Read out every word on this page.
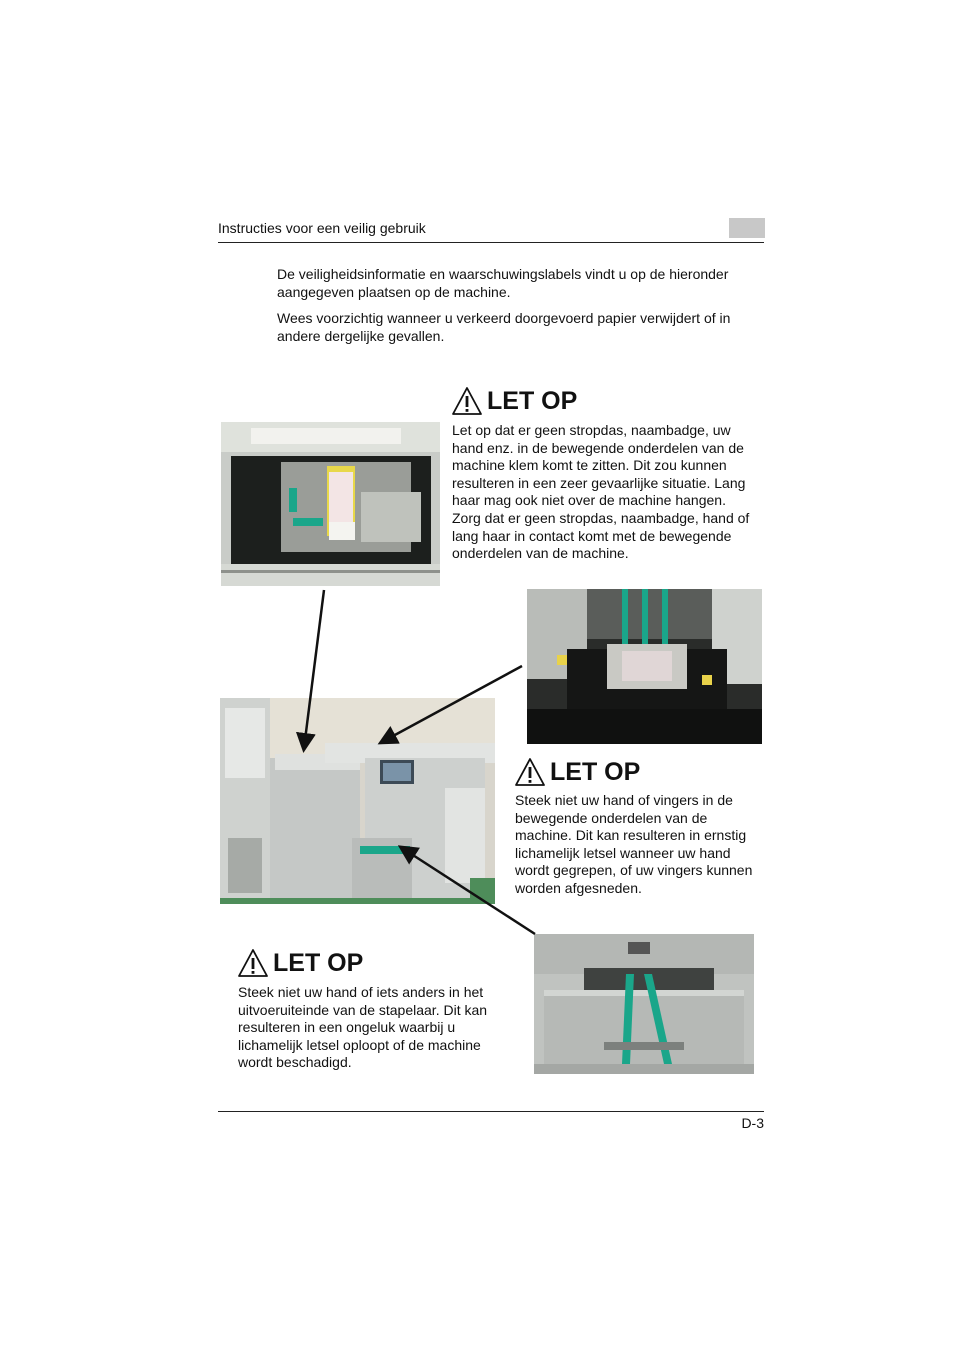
Instructies voor een veilig gebruik
De veiligheidsinformatie en waarschuwingslabels vindt u op de hieronder aangegeven plaatsen op de machine.
Wees voorzichtig wanneer u verkeerd doorgevoerd papier verwijdert of in andere dergelijke gevallen.
LET OP
Let op dat er geen stropdas, naambadge, uw hand enz. in de bewegende onderdelen van de machine klem komt te zitten. Dit zou kunnen resulteren in een zeer gevaarlijke situatie. Lang haar mag ook niet over de machine hangen. Zorg dat er geen stropdas, naambadge, hand of lang haar in contact komt met de bewegende onderdelen van de machine.
LET OP
Steek niet uw hand of vingers in de bewegende onderdelen van de machine. Dit kan resulteren in ernstig lichamelijk letsel wanneer uw hand wordt gegrepen, of uw vingers kunnen worden afgesneden.
LET OP
Steek niet uw hand of iets anders in het uitvoeruiteinde van de stapelaar. Dit kan resulteren in een ongeluk waarbij u lichamelijk letsel oploopt of de machine wordt beschadigd.
D-3
